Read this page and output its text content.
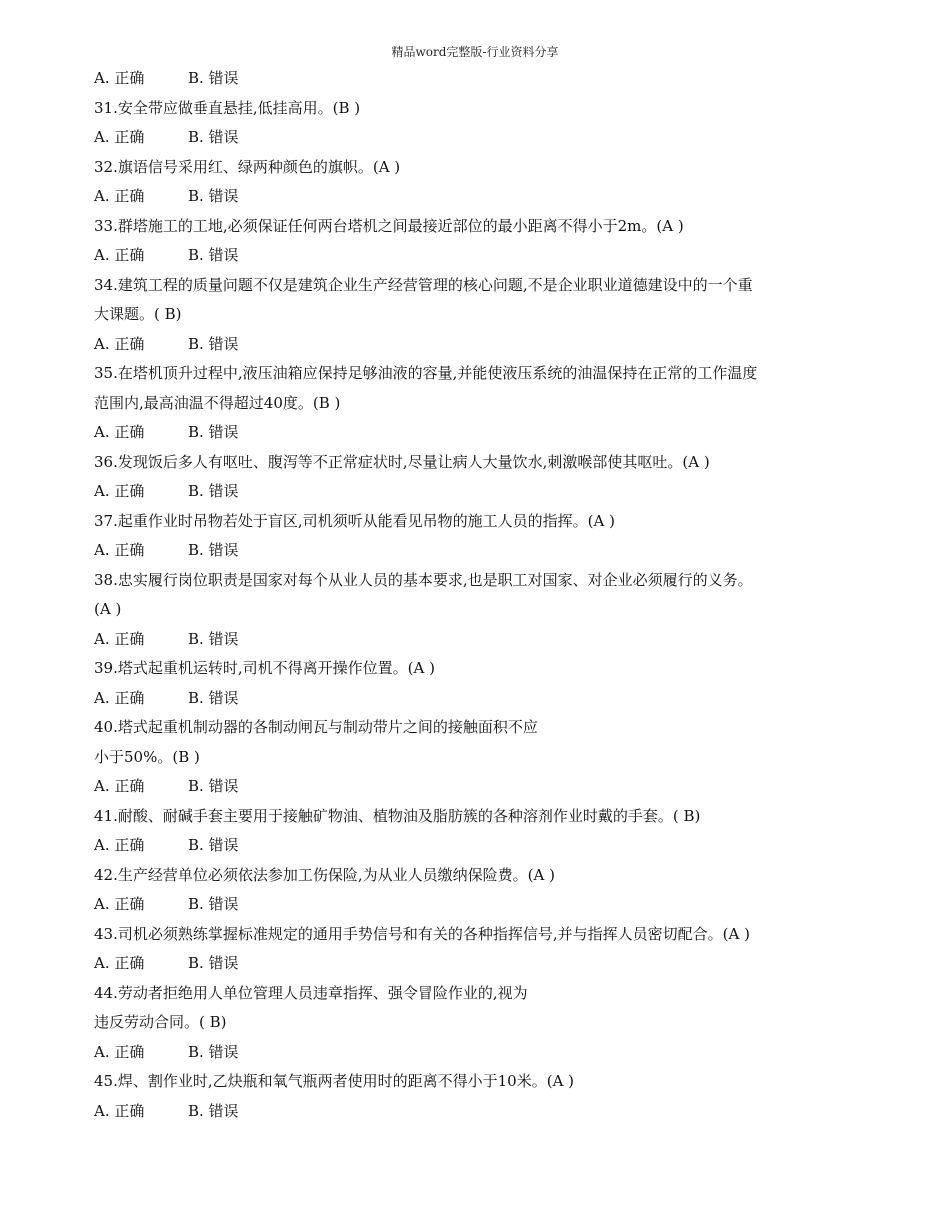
精品word完整版-行业资料分享
A. 正确	B. 错误
31.安全带应做垂直悬挂,低挂高用。(B )
A. 正确	B. 错误
32.旗语信号采用红、绿两种颜色的旗帜。(A )
A. 正确	B. 错误
33.群塔施工的工地,必须保证任何两台塔机之间最接近部位的最小距离不得小于2m。(A )
A. 正确	B. 错误
34.建筑工程的质量问题不仅是建筑企业生产经营管理的核心问题,不是企业职业道德建设中的一个重
大课题。( B)
A. 正确	B. 错误
35.在塔机顶升过程中,液压油箱应保持足够油液的容量,并能使液压系统的油温保持在正常的工作温度
范围内,最高油温不得超过40度。(B )
A. 正确	B. 错误
36.发现饭后多人有呕吐、腹泻等不正常症状时,尽量让病人大量饮水,刺激喉部使其呕吐。(A )
A. 正确	B. 错误
37.起重作业时吊物若处于盲区,司机须听从能看见吊物的施工人员的指挥。(A )
A. 正确	B. 错误
38.忠实履行岗位职责是国家对每个从业人员的基本要求,也是职工对国家、对企业必须履行的义务。
(A )
A. 正确	B. 错误
39.塔式起重机运转时,司机不得离开操作位置。(A )
A. 正确	B. 错误
40.塔式起重机制动器的各制动闸瓦与制动带片之间的接触面积不应
小于50%。(B )
A. 正确	B. 错误
41.耐酸、耐碱手套主要用于接触矿物油、植物油及脂肪簇的各种溶剂作业时戴的手套。( B)
A. 正确	B. 错误
42.生产经营单位必须依法参加工伤保险,为从业人员缴纳保险费。(A )
A. 正确	B. 错误
43.司机必须熟练掌握标准规定的通用手势信号和有关的各种指挥信号,并与指挥人员密切配合。(A )
A. 正确	B. 错误
44.劳动者拒绝用人单位管理人员违章指挥、强令冒险作业的,视为
违反劳动合同。( B)
A. 正确	B. 错误
45.焊、割作业时,乙炔瓶和氧气瓶两者使用时的距离不得小于10米。(A )
A. 正确	B. 错误
